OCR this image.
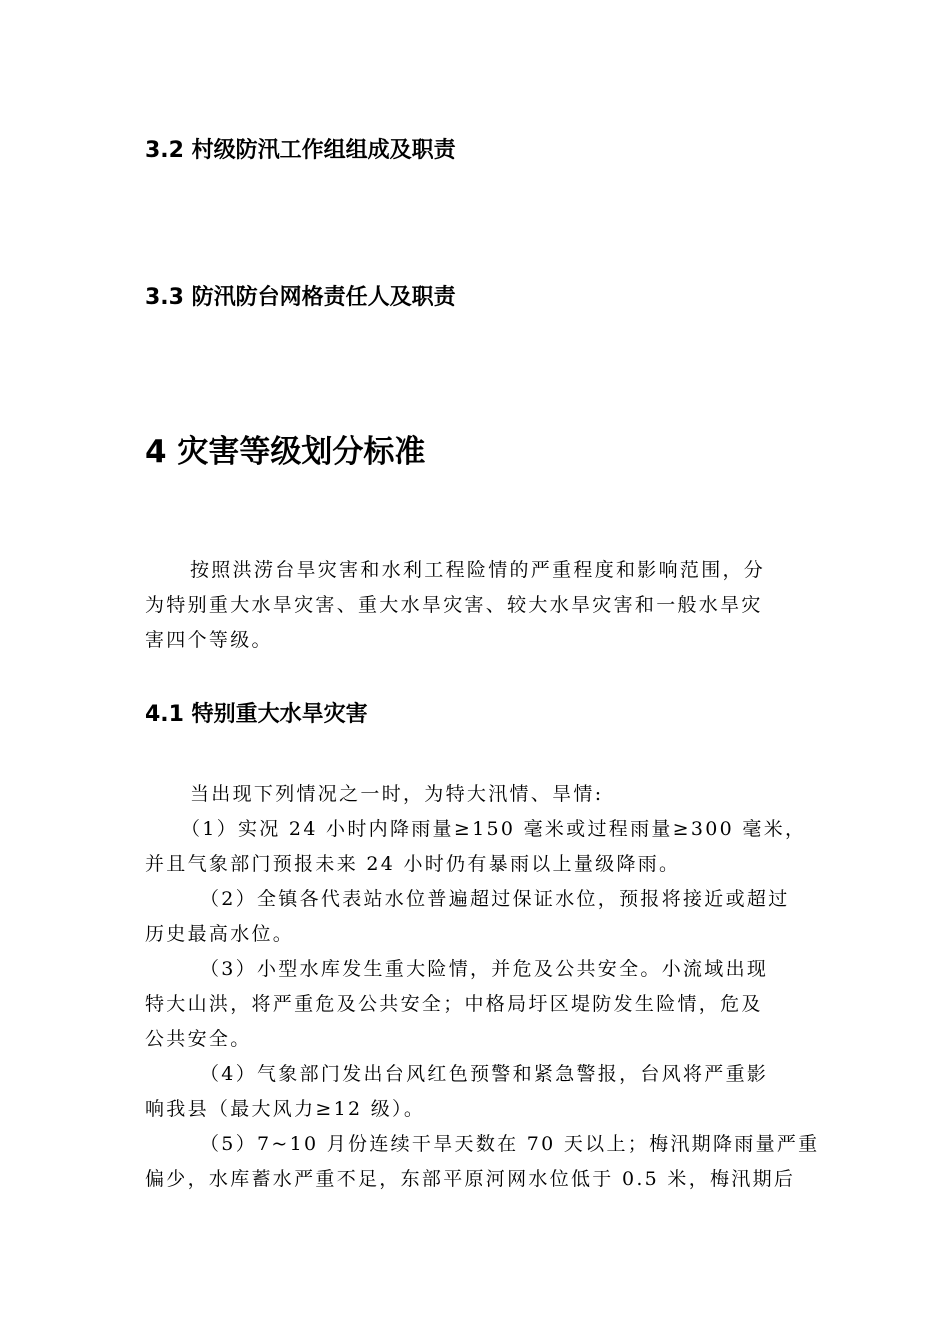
3.2 村级防汛工作组组成及职责
3.3 防汛防台网格责任人及职责
4 灾害等级划分标准
按照洪涝台旱灾害和水利工程险情的严重程度和影响范围，分
为特别重大水旱灾害、重大水旱灾害、较大水旱灾害和一般水旱灾
害四个等级。
4.1 特别重大水旱灾害
当出现下列情况之一时，为特大汛情、旱情:
（1）实况 24 小时内降雨量≥150 毫米或过程雨量≥300 毫米，
并且气象部门预报未来 24 小时仍有暴雨以上量级降雨。
（2）全镇各代表站水位普遍超过保证水位，预报将接近或超过
历史最高水位。
（3）小型水库发生重大险情，并危及公共安全。小流域出现
特大山洪，将严重危及公共安全；中格局圩区堤防发生险情，危及
公共安全。
（4）气象部门发出台风红色预警和紧急警报，台风将严重影
响我县（最大风力≥12 级）。
（5）7~10 月份连续干旱天数在 70 天以上；梅汛期降雨量严重
偏少，水库蓄水严重不足，东部平原河网水位低于 0.5 米，梅汛期后
